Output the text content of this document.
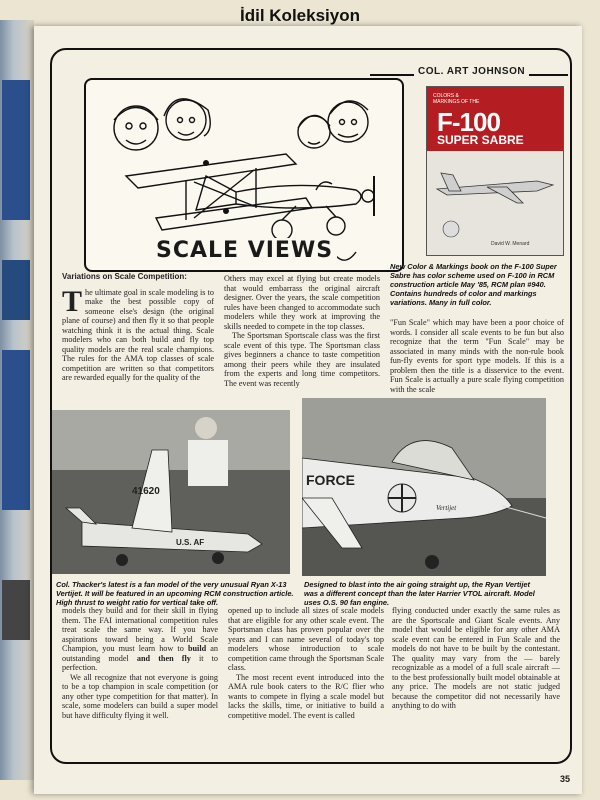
İdil Koleksiyon
COL. ART JOHNSON
SCALE VIEWS
COLORS & MARKINGS OF THE
F-100
SUPER SABRE
David W. Menard
New Color & Markings book on the F-100 Super Sabre has color scheme used on F-100 in RCM construction article May '85, RCM plan #940. Contains hundreds of color and markings variations. Many in full color.
Variations on Scale Competition:

The ultimate goal in scale modeling is to make the best possible copy of someone else's design (the original plane of course) and then fly it so that people watching think it is the actual thing. Scale modelers who can both build and fly top quality models are the real scale champions. The rules for the AMA top classes of scale competition are written so that competitors are rewarded equally for the quality of the

Others may excel at flying but create models that would embarrass the original aircraft designer. Over the years, the scale competition rules have been changed to accommodate such modelers while they work at improving the skills needed to compete in the top classes.

The Sportsman Sportscale class was the first scale event of this type. The Sportsman class gives beginners a chance to taste competition among their peers while they are insulated from the experts and long time competitors. The event was recently

"Fun Scale" which may have been a poor choice of words. I consider all scale events to be fun but also recognize that the term "Fun Scale" may be associated in many minds with the non-rule book fun-fly events for sport type models. If this is a problem then the title is a disservice to the event. Fun Scale is actually a pure scale flying competition with the scale

41620
U.S. AF
FORCE
Vertijet
Col. Thacker's latest is a fan model of the very unusual Ryan X-13 Vertijet. It will be featured in an upcoming RCM construction article. High thrust to weight ratio for vertical take off.
Designed to blast into the air going straight up, the Ryan Vertijet was a different concept than the later Harrier VTOL aircraft. Model uses O.S. 90 fan engine.

models they build and for their skill in flying them. The FAI international competition rules treat scale the same way. If you have aspirations toward being a World Scale Champion, you must learn how to build an outstanding model and then fly it to perfection.

We all recognize that not everyone is going to be a top champion in scale competition (or any other type competition for that matter). In scale, some modelers can build a super model but have difficulty flying it well.

opened up to include all sizes of scale models that are eligible for any other scale event. The Sportsman class has proven popular over the years and I can name several of today's top modelers whose introduction to scale competition came through the Sportsman Scale class.

The most recent event introduced into the AMA rule book caters to the R/C flier who wants to compete in flying a scale model but lacks the skills, time, or initiative to build a competitive model. The event is called

flying conducted under exactly the same rules as are the Sportscale and Giant Scale events. Any model that would be eligible for any other AMA scale event can be entered in Fun Scale and the models do not have to be built by the contestant. The quality may vary from the — barely recognizable as a model of a full scale aircraft — to the best professionally built model obtainable at any price. The models are not static judged because the competitor did not necessarily have anything to do with

35
